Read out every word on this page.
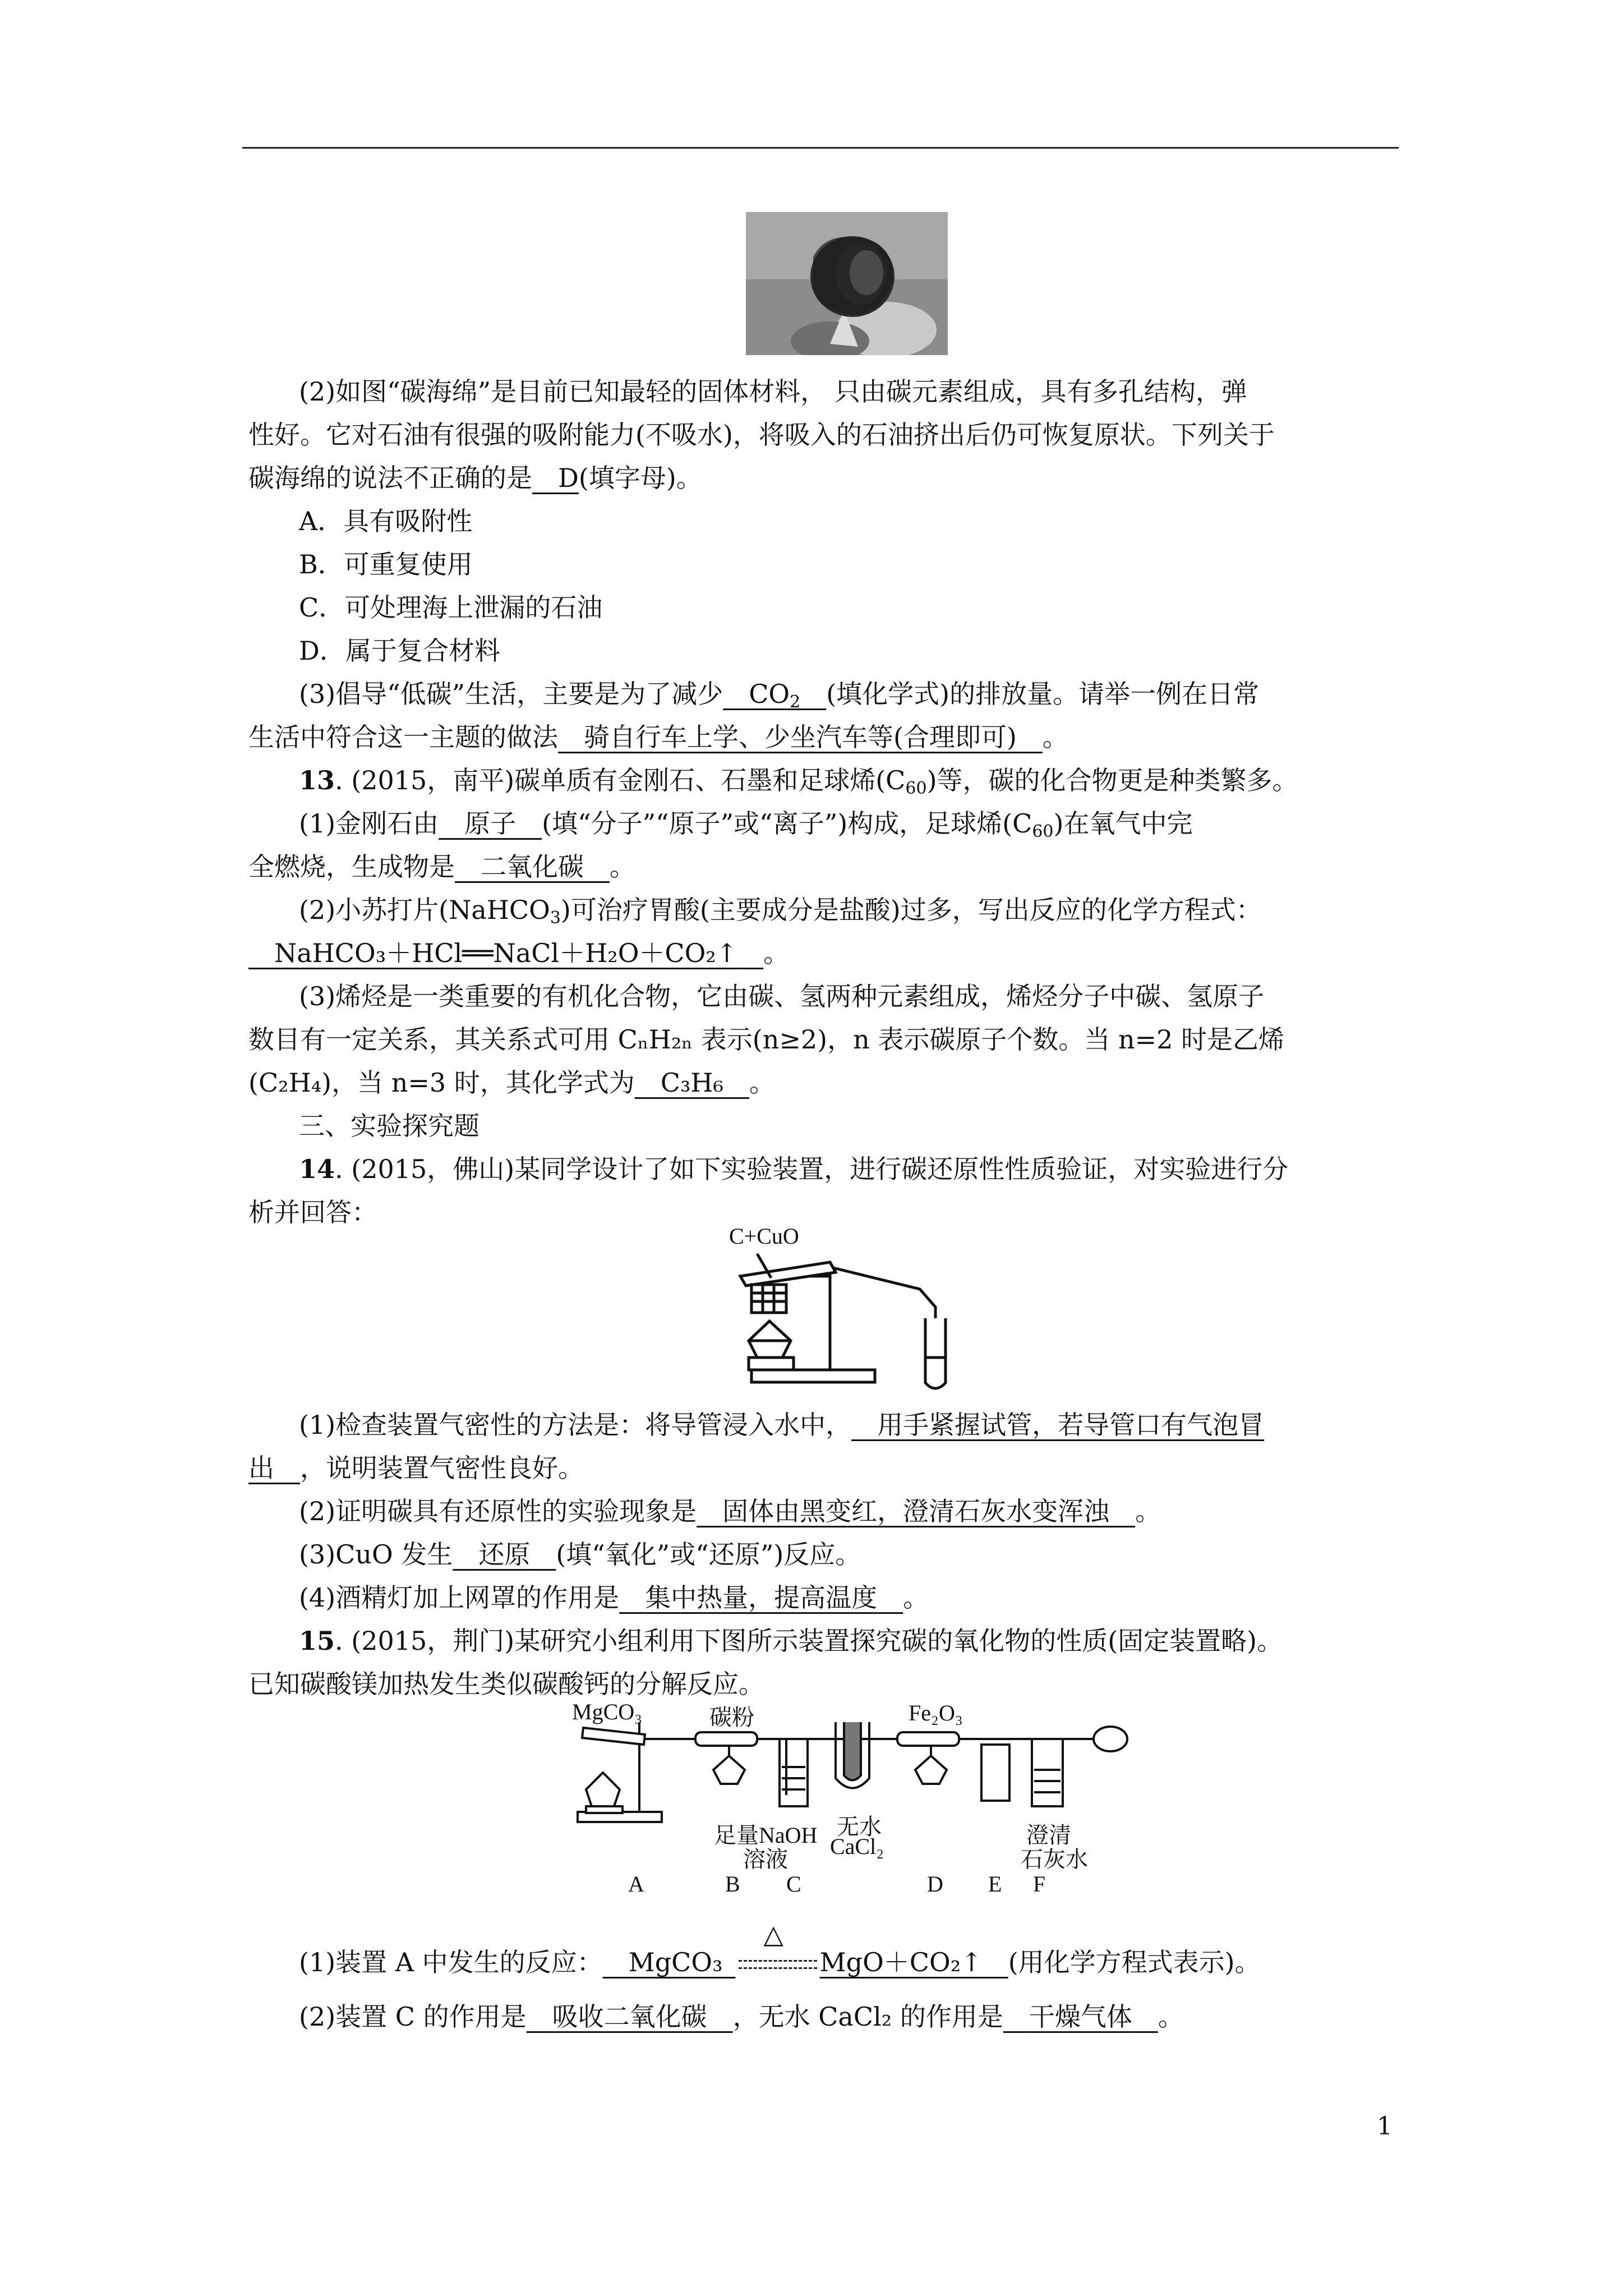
(2)如图“碳海绵”是目前已知最轻的固体材料， 只由碳元素组成，具有多孔结构，弹
性好。它对石油有很强的吸附能力(不吸水)，将吸入的石油挤出后仍可恢复原状。下列关于
碳海绵的说法不正确的是   D(填字母)。
A．具有吸附性
B．可重复使用
C．可处理海上泄漏的石油
D．属于复合材料
(3)倡导“低碳”生活，主要是为了减少   $CO_2$   (填化学式)的排放量。请举一例在日常
生活中符合这一主题的做法   骑自行车上学、少坐汽车等(合理即可)   。
13. (2015，南平)碳单质有金刚石、石墨和足球烯$(C_{60})$等，碳的化合物更是种类繁多。
(1)金刚石由   原子   (填“分子”“原子”或“离子”)构成，足球烯$(C_{60})$在氧气中完
全燃烧，生成物是   二氧化碳   。
(2)小苏打片(NaHCO$_3$)可治疗胃酸(主要成分是盐酸)过多，写出反应的化学方程式：
  NaHCO₃＋HCl══NaCl＋H₂O＋CO₂↑   。
(3)烯烃是一类重要的有机化合物，它由碳、氢两种元素组成，烯烃分子中碳、氢原子
数目有一定关系，其关系式可用 CₙH₂ₙ 表示(n≥2)，n 表示碳原子个数。当 n=2 时是乙烯
(C₂H₄)，当 n=3 时，其化学式为   C₃H₆   。
三、实验探究题
14. (2015，佛山)某同学设计了如下实验装置，进行碳还原性性质验证，对实验进行分
析并回答：
C+CuO
(1)检查装置气密性的方法是：将导管浸入水中，   用手紧握试管，若导管口有气泡冒
出   ，说明装置气密性良好。
(2)证明碳具有还原性的实验现象是   固体由黑变红，澄清石灰水变浑浊   。
(3)CuO 发生   还原   (填“氧化”或“还原”)反应。
(4)酒精灯加上网罩的作用是   集中热量，提高温度   。
15. (2015，荆门)某研究小组利用下图所示装置探究碳的氧化物的性质(固定装置略)。
已知碳酸镁加热发生类似碳酸钙的分解反应。
MgCO₃	碳粉	Fe₂O₃
足量NaOH
溶液
无水
CaCl₂	澄清
石灰水
A	B C	D E F
(1)装置 A 中发生的反应：   MgCO₃ 
△
MgO＋CO₂↑   (用化学方程式表示)。
(2)装置 C 的作用是   吸收二氧化碳   ，无水 CaCl₂ 的作用是   干燥气体   。
1
